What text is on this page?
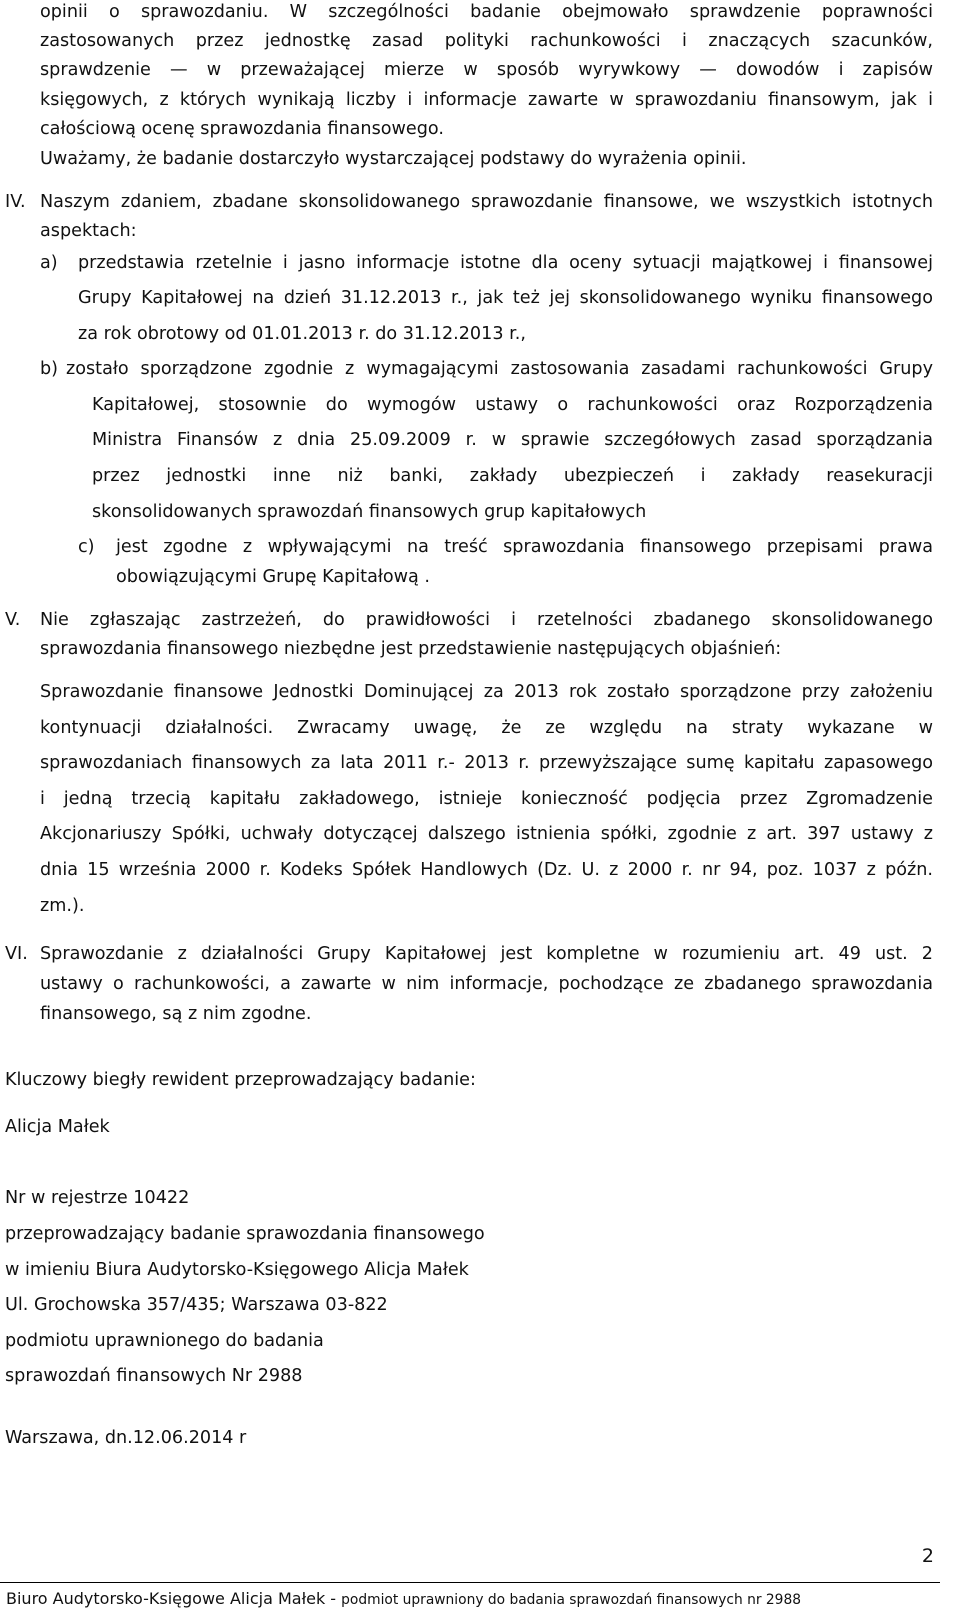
opinii o sprawozdaniu. W szczególności badanie obejmowało sprawdzenie poprawności
zastosowanych przez jednostkę zasad polityki rachunkowości i znaczących szacunków,
sprawdzenie — w przeważającej mierze w sposób wyrywkowy — dowodów i zapisów
księgowych, z których wynikają liczby i informacje zawarte w sprawozdaniu finansowym, jak i
całościową ocenę sprawozdania finansowego.
Uważamy, że badanie dostarczyło wystarczającej podstawy do wyrażenia opinii.
IV. Naszym zdaniem, zbadane skonsolidowanego sprawozdanie finansowe, we wszystkich istotnych
aspektach:
a) przedstawia rzetelnie i jasno informacje istotne dla oceny sytuacji majątkowej i finansowej
Grupy Kapitałowej na dzień 31.12.2013 r., jak też jej skonsolidowanego wyniku finansowego
za rok obrotowy od 01.01.2013 r. do 31.12.2013 r.,
b) zostało sporządzone zgodnie z wymagającymi zastosowania zasadami rachunkowości Grupy
Kapitałowej, stosownie do wymogów ustawy o rachunkowości oraz Rozporządzenia
Ministra Finansów z dnia 25.09.2009 r. w sprawie szczegółowych zasad sporządzania
przez jednostki inne niż banki, zakłady ubezpieczeń i zakłady reasekuracji
skonsolidowanych sprawozdań finansowych grup kapitałowych
c) jest zgodne z wpływającymi na treść sprawozdania finansowego przepisami prawa
obowiązującymi Grupę Kapitałową .
V. Nie zgłaszając zastrzeżeń, do prawidłowości i rzetelności zbadanego skonsolidowanego
sprawozdania finansowego niezbędne jest przedstawienie następujących objaśnień:
Sprawozdanie finansowe Jednostki Dominującej za 2013 rok zostało sporządzone przy założeniu
kontynuacji działalności. Zwracamy uwagę, że ze względu na straty wykazane w
sprawozdaniach finansowych za lata 2011 r.- 2013 r. przewyższające sumę kapitału zapasowego
i jedną trzecią kapitału zakładowego, istnieje konieczność podjęcia przez Zgromadzenie
Akcjonariuszy Spółki, uchwały dotyczącej dalszego istnienia spółki, zgodnie z art. 397 ustawy z
dnia 15 września 2000 r. Kodeks Spółek Handlowych (Dz. U. z 2000 r. nr 94, poz. 1037 z późn.
zm.).
VI. Sprawozdanie z działalności Grupy Kapitałowej jest kompletne w rozumieniu art. 49 ust. 2
ustawy o rachunkowości, a zawarte w nim informacje, pochodzące ze zbadanego sprawozdania
finansowego, są z nim zgodne.
Kluczowy biegły rewident przeprowadzający badanie:
Alicja Małek
Nr w rejestrze 10422
przeprowadzający badanie sprawozdania finansowego
w imieniu Biura Audytorsko-Księgowego Alicja Małek
Ul. Grochowska 357/435; Warszawa 03-822
podmiotu uprawnionego do badania
sprawozdań finansowych Nr 2988
Warszawa, dn.12.06.2014 r
2
Biuro Audytorsko-Księgowe Alicja Małek - podmiot uprawniony do badania sprawozdań finansowych nr 2988
